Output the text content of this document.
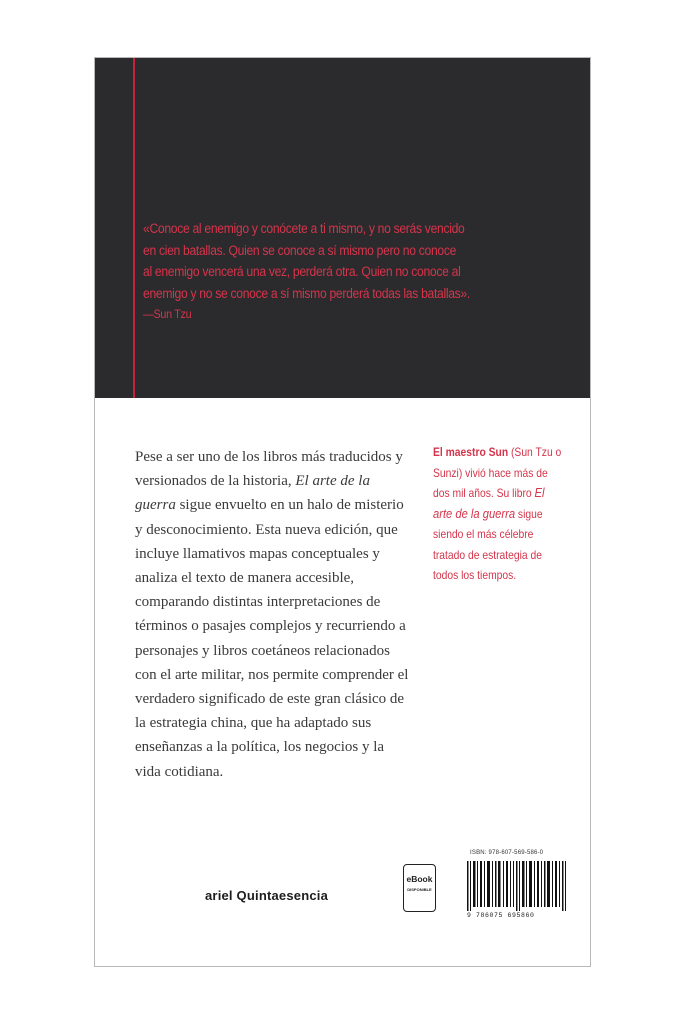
«Conoce al enemigo y conócete a ti mismo, y no serás vencido
en cien batallas. Quien se conoce a sí mismo pero no conoce
al enemigo vencerá una vez, perderá otra. Quien no conoce al
enemigo y no se conoce a sí mismo perderá todas las batallas».
—Sun Tzu

Pese a ser uno de los libros más traducidos y versionados de la historia, El arte de la guerra sigue envuelto en un halo de misterio y desconocimiento. Esta nueva edición, que incluye llamativos mapas conceptuales y analiza el texto de manera accesible, comparando distintas interpretaciones de términos o pasajes complejos y recurriendo a personajes y libros coetáneos relacionados con el arte militar, nos permite comprender el verdadero significado de este gran clásico de la estrategia china, que ha adaptado sus enseñanzas a la política, los negocios y la vida cotidiana.

El maestro Sun (Sun Tzu o Sunzi) vivió hace más de dos mil años. Su libro El arte de la guerra sigue siendo el más célebre tratado de estrategia de todos los tiempos.

ariel Quintaesencia
eBook
DISPONIBLE
ISBN: 978-607-569-586-0
9 786075 695860
